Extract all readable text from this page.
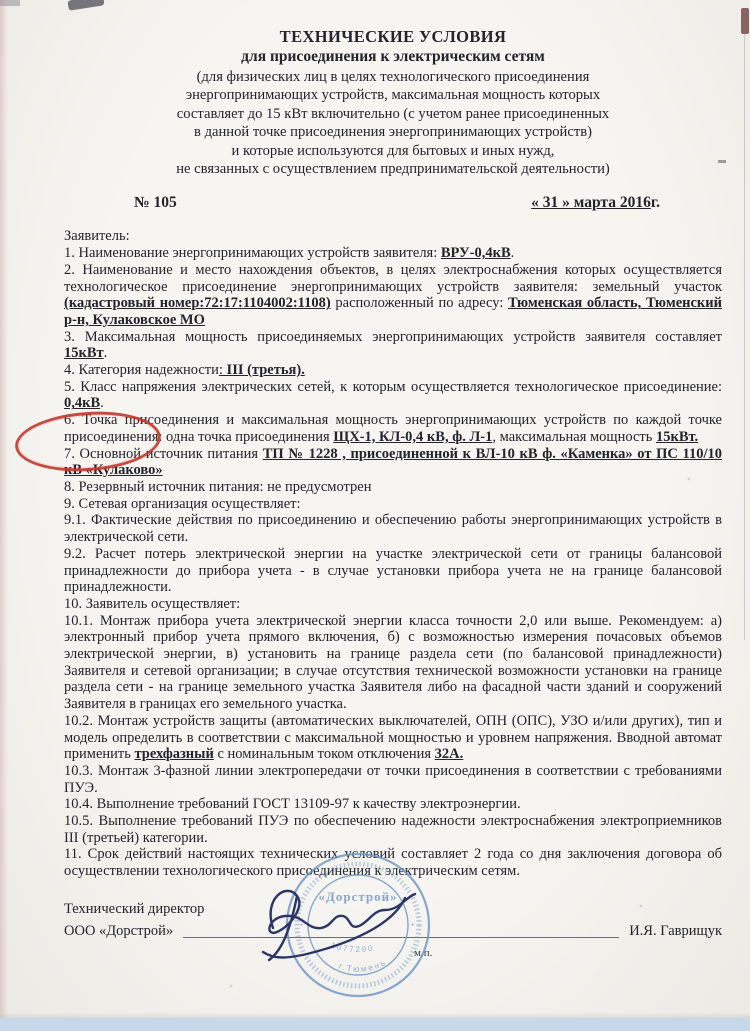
ТЕХНИЧЕСКИЕ УСЛОВИЯ
для присоединения к электрическим сетям
(для физических лиц в целях технологического присоединения
энергопринимающих устройств, максимальная мощность которых
составляет до 15 кВт включительно (с учетом ранее присоединенных
в данной точке присоединения энергопринимающих устройств)
и которые используются для бытовых и иных нужд,
не связанных с осуществлением предпринимательской деятельности)
№ 105	« 31 » марта 2016г.

Заявитель:

1. Наименование энергопринимающих устройств заявителя: ВРУ-0,4кВ.

2. Наименование и место нахождения объектов, в целях электроснабжения которых осуществляется технологическое присоединение энергопринимающих устройств заявителя: земельный участок (кадастровый номер:72:17:1104002:1108) расположенный по адресу: Тюменская область, Тюменский р-н, Кулаковское МО

3. Максимальная мощность присоединяемых энергопринимающих устройств заявителя составляет 15кВт.

4. Категория надежности: III (третья).

5. Класс напряжения электрических сетей, к которым осуществляется технологическое присоединение: 0,4кВ.

6. Точка присоединения и максимальная мощность энергопринимающих устройств по каждой точке присоединения: одна точка присоединения ЩХ-1, КЛ-0,4 кВ, ф. Л-1, максимальная мощность 15кВт.

7. Основной источник питания ТП № 1228 , присоединенной к ВЛ-10 кВ ф. «Каменка» от ПС 110/10 кВ «Кулаково»

8. Резервный источник питания: не предусмотрен

9. Сетевая организация осуществляет:

9.1. Фактические действия по присоединению и обеспечению работы энергопринимающих устройств в электрической сети.

9.2. Расчет потерь электрической энергии на участке электрической сети от границы балансовой принадлежности до прибора учета - в случае установки прибора учета не на границе балансовой принадлежности.

10. Заявитель осуществляет:

10.1. Монтаж прибора учета электрической энергии класса точности 2,0 или выше. Рекомендуем: а) электронный прибор учета прямого включения, б) с возможностью измерения почасовых объемов электрической энергии, в) установить на границе раздела сети (по балансовой принадлежности) Заявителя и сетевой организации; в случае отсутствия технической возможности установки на границе раздела сети - на границе земельного участка Заявителя либо на фасадной части зданий и сооружений Заявителя в границах его земельного участка.

10.2. Монтаж устройств защиты (автоматических выключателей, ОПН (ОПС), УЗО и/или других), тип и модель определить в соответствии с максимальной мощностью и уровнем напряжения. Вводной автомат применить трехфазный с номинальным током отключения 32А.

10.3. Монтаж 3-фазной линии электропередачи от точки присоединения в соответствии с требованиями ПУЭ.

10.4. Выполнение требований ГОСТ 13109-97 к качеству электроэнергии.

10.5. Выполнение требований ПУЭ по обеспечению надежности электроснабжения электроприемников III (третьей) категории.

11. Срок действий настоящих технических условий составляет 2 года со дня заключения договора об осуществлении технологического присоединения к электрическим сетям.

Технический директор
ООО «Дорстрой»	И.Я. Гаврищук
м.п.
«Дорстрой»
1077290
г.Тюмень
*	*
